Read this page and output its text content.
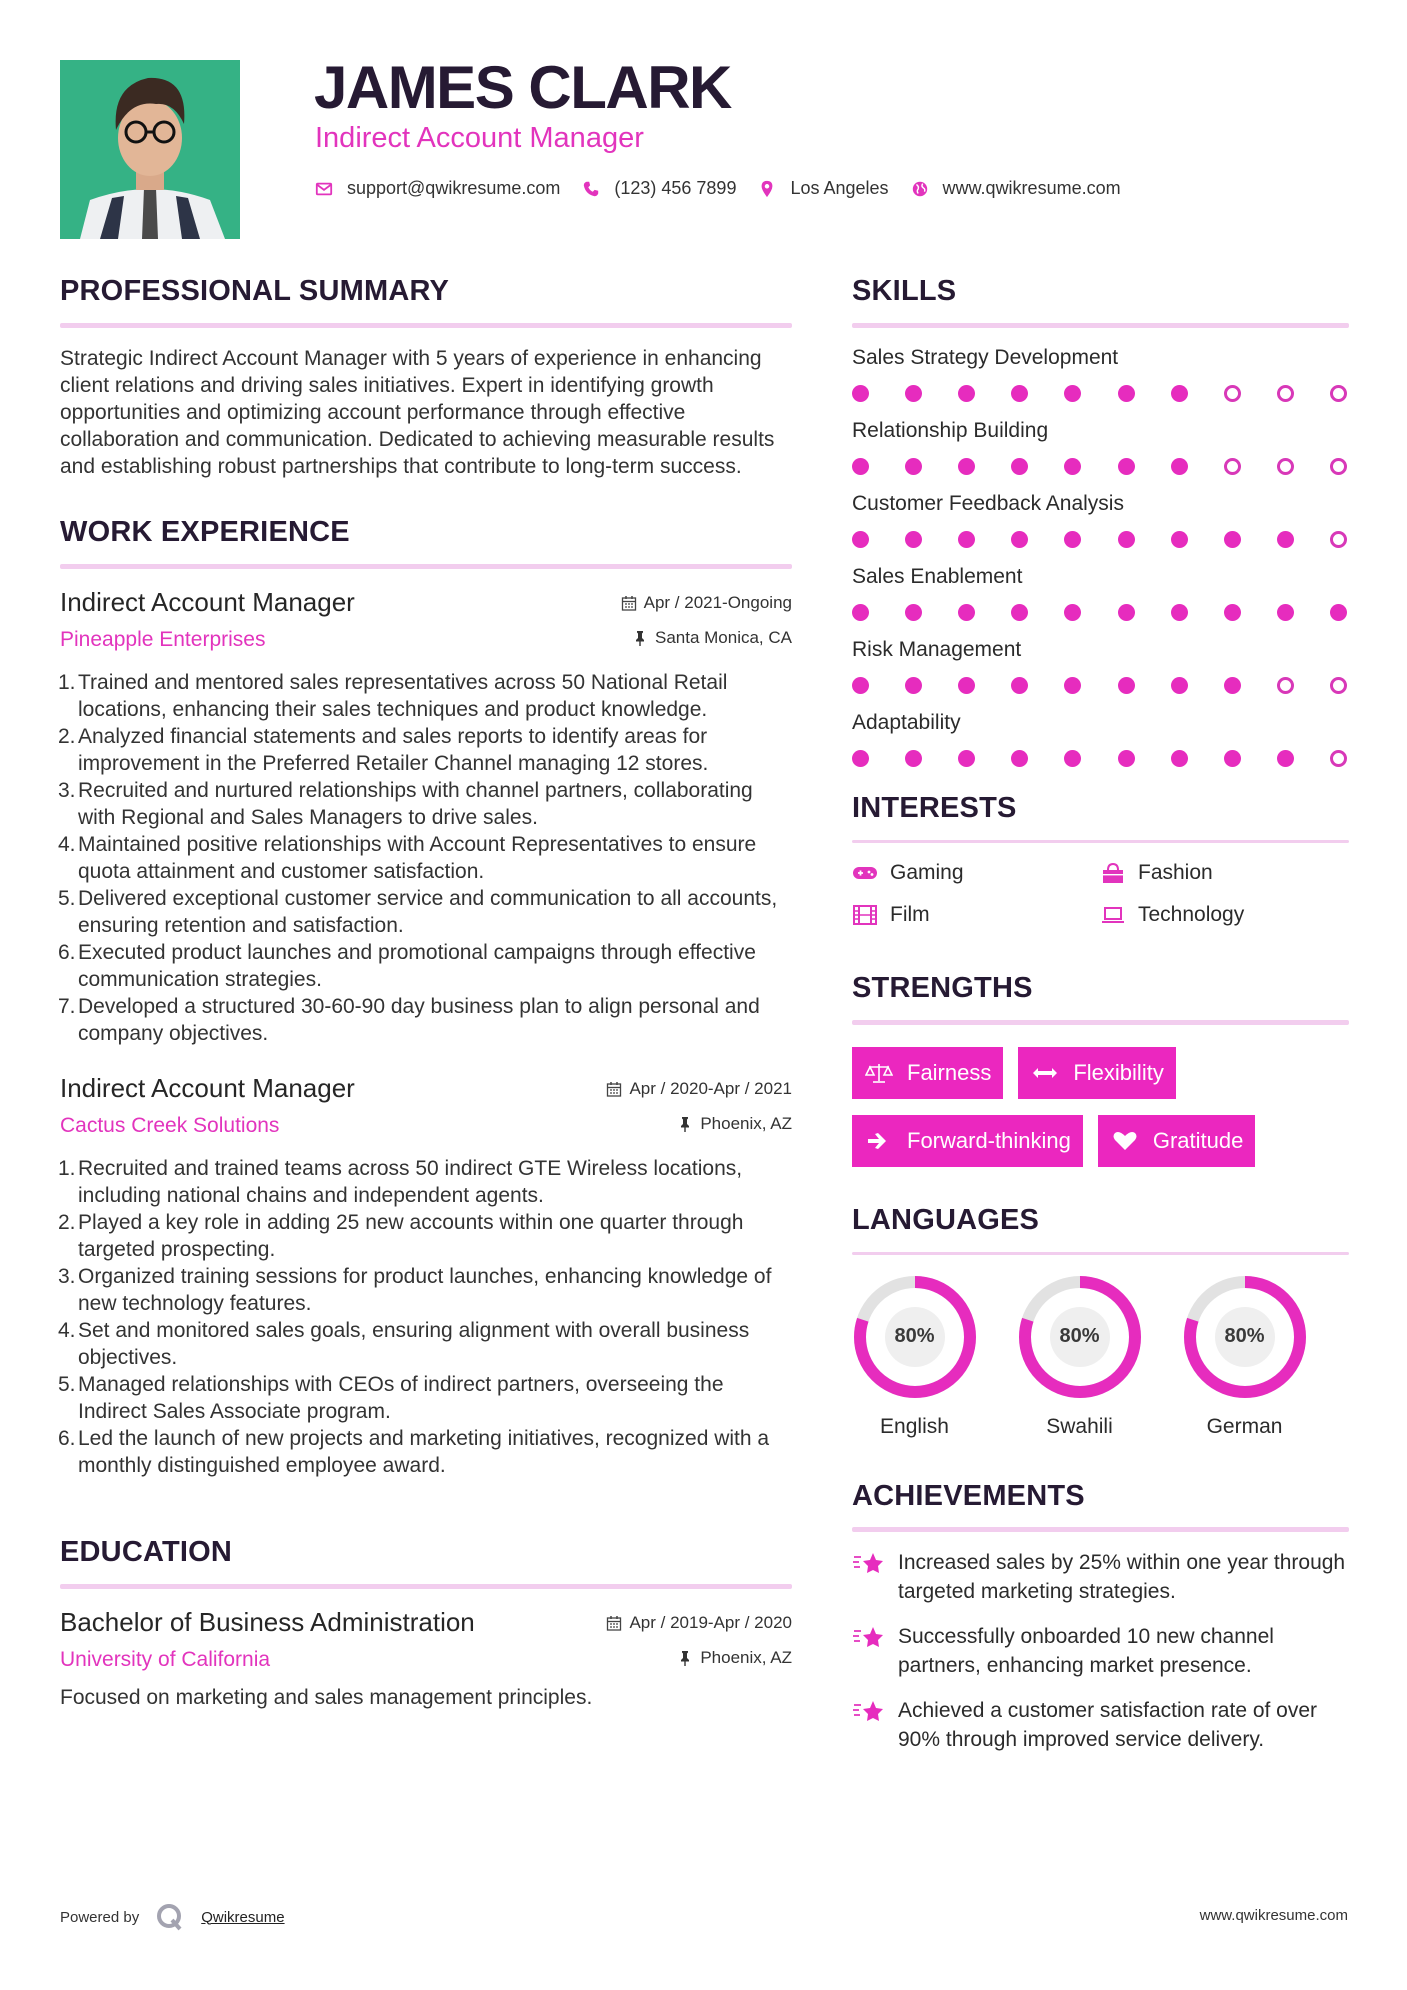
JAMES CLARK
Indirect Account Manager
support@qwikresume.com	(123) 456 7899	Los Angeles	www.qwikresume.com
PROFESSIONAL SUMMARY

Strategic Indirect Account Manager with 5 years of experience in enhancing client relations and driving sales initiatives. Expert in identifying growth opportunities and optimizing account performance through effective collaboration and communication. Dedicated to achieving measurable results and establishing robust partnerships that contribute to long-term success.

WORK EXPERIENCE
Indirect Account Manager	Apr / 2021-Ongoing
Pineapple Enterprises	Santa Monica, CA
1. Trained and mentored sales representatives across 50 National Retail locations, enhancing their sales techniques and product knowledge.
2. Analyzed financial statements and sales reports to identify areas for improvement in the Preferred Retailer Channel managing 12 stores.
3. Recruited and nurtured relationships with channel partners, collaborating with Regional and Sales Managers to drive sales.
4. Maintained positive relationships with Account Representatives to ensure quota attainment and customer satisfaction.
5. Delivered exceptional customer service and communication to all accounts, ensuring retention and satisfaction.
6. Executed product launches and promotional campaigns through effective communication strategies.
7. Developed a structured 30-60-90 day business plan to align personal and company objectives.
Indirect Account Manager	Apr / 2020-Apr / 2021
Cactus Creek Solutions	Phoenix, AZ
1. Recruited and trained teams across 50 indirect GTE Wireless locations, including national chains and independent agents.
2. Played a key role in adding 25 new accounts within one quarter through targeted prospecting.
3. Organized training sessions for product launches, enhancing knowledge of new technology features.
4. Set and monitored sales goals, ensuring alignment with overall business objectives.
5. Managed relationships with CEOs of indirect partners, overseeing the Indirect Sales Associate program.
6. Led the launch of new projects and marketing initiatives, recognized with a monthly distinguished employee award.
EDUCATION
Bachelor of Business Administration	Apr / 2019-Apr / 2020
University of California	Phoenix, AZ

Focused on marketing and sales management principles.

SKILLS
Sales Strategy Development
Relationship Building
Customer Feedback Analysis
Sales Enablement
Risk Management
Adaptability
INTERESTS
Gaming	Fashion
Film	Technology
STRENGTHS
Fairness	Flexibility
Forward-thinking	Gratitude
LANGUAGES
80%
English
80%
Swahili
80%
German
ACHIEVEMENTS
Increased sales by 25% within one year through targeted marketing strategies.
Successfully onboarded 10 new channel partners, enhancing market presence.
Achieved a customer satisfaction rate of over 90% through improved service delivery.
Powered by	Qwikresume	www.qwikresume.com
